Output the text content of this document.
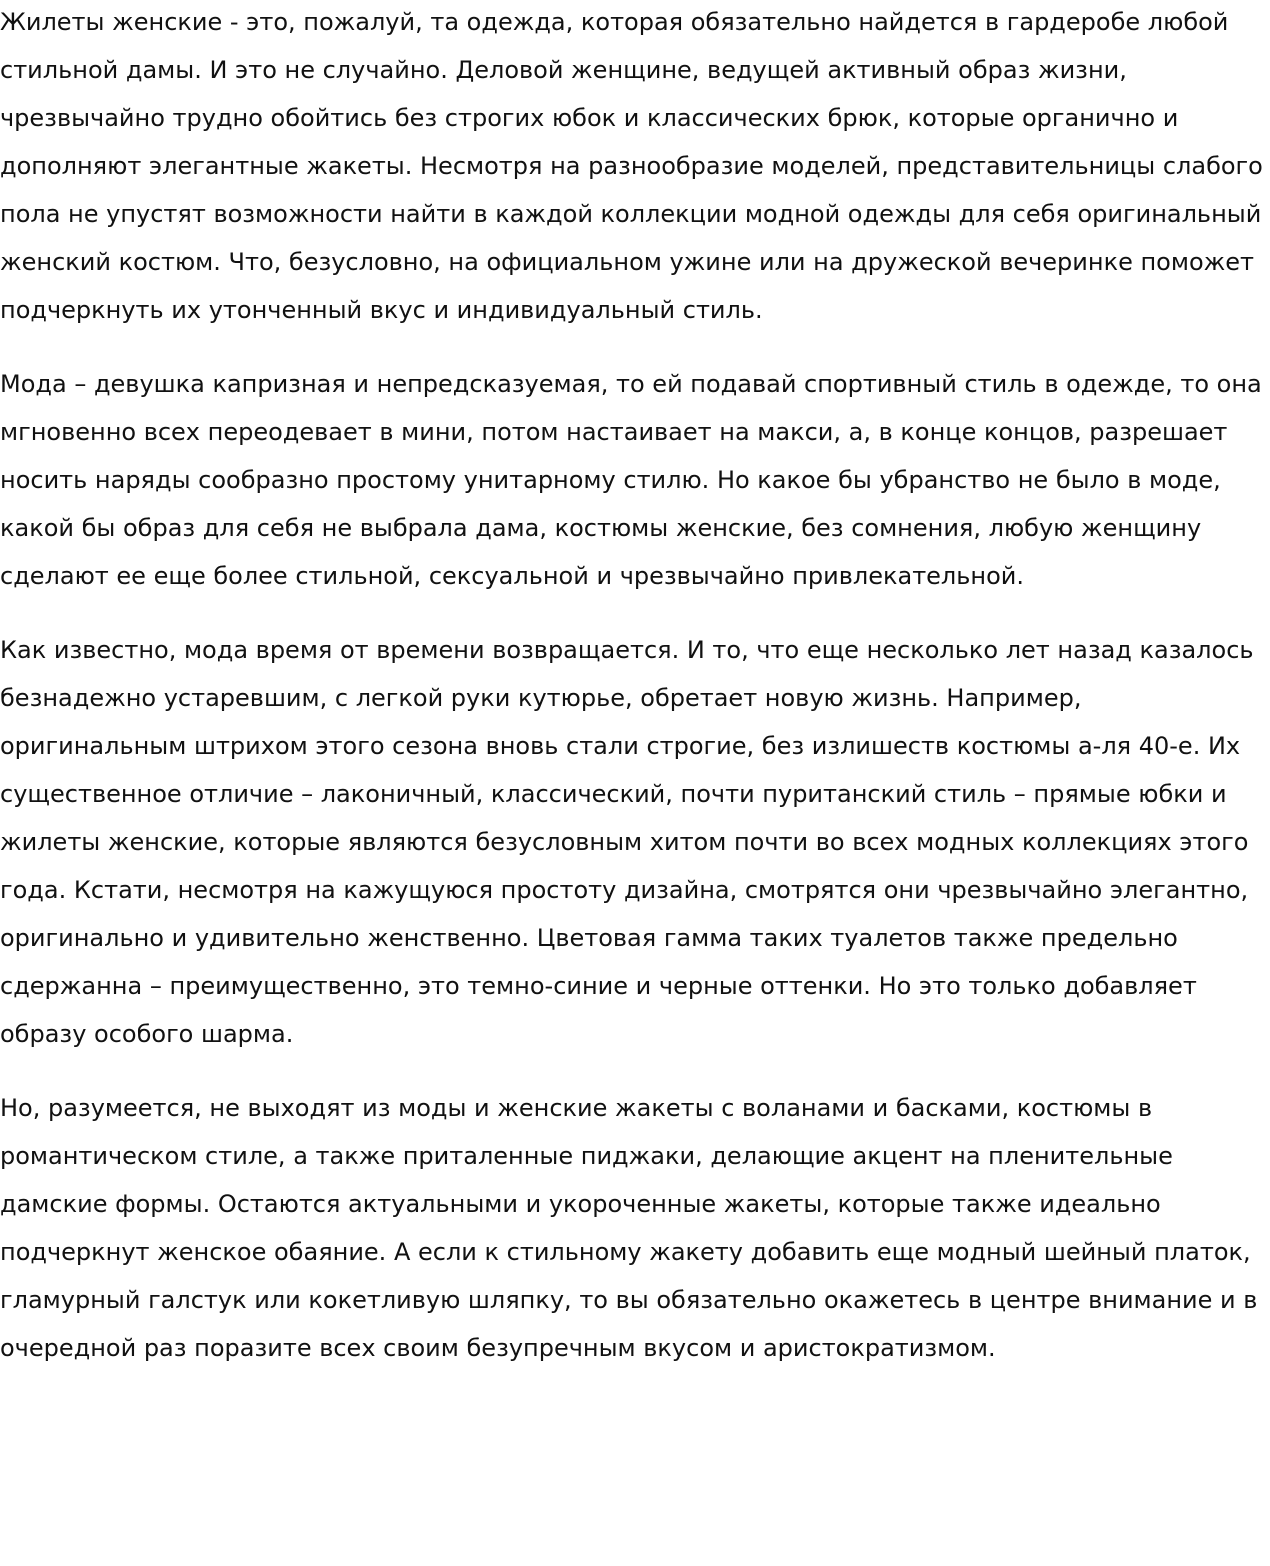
Жилеты женские - это, пожалуй, та одежда, которая обязательно найдется в гардеробе любой стильной дамы. И это не случайно. Деловой женщине, ведущей активный образ жизни, чрезвычайно трудно обойтись без строгих юбок и классических брюк, которые органично и дополняют элегантные жакеты. Несмотря на разнообразие моделей, представительницы слабого пола не упустят возможности найти в каждой коллекции модной одежды для себя оригинальный женский костюм. Что, безусловно, на официальном ужине или на дружеской вечеринке поможет подчеркнуть их утонченный вкус и индивидуальный стиль.

Мода – девушка капризная и непредсказуемая, то ей подавай спортивный стиль в одежде, то она мгновенно всех переодевает в мини, потом настаивает на макси, а, в конце концов, разрешает носить наряды сообразно простому унитарному стилю. Но какое бы убранство не было в моде, какой бы образ для себя не выбрала дама, костюмы женские, без сомнения, любую женщину сделают ее еще более стильной, сексуальной и чрезвычайно привлекательной.

Как известно, мода время от времени возвращается. И то, что еще несколько лет назад казалось безнадежно устаревшим, с легкой руки кутюрье, обретает новую жизнь. Например, оригинальным штрихом этого сезона вновь стали строгие, без излишеств костюмы а-ля 40-е. Их существенное отличие – лаконичный, классический, почти пуританский стиль – прямые юбки и жилеты женские, которые являются безусловным хитом почти во всех модных коллекциях этого года. Кстати, несмотря на кажущуюся простоту дизайна, смотрятся они чрезвычайно элегантно, оригинально и удивительно женственно. Цветовая гамма таких туалетов также предельно сдержанна – преимущественно, это темно-синие и черные оттенки. Но это только добавляет образу особого шарма.

Но, разумеется, не выходят из моды и женские жакеты с воланами и басками, костюмы в романтическом стиле, а также приталенные пиджаки, делающие акцент на пленительные дамские формы. Остаются актуальными и укороченные жакеты, которые также идеально подчеркнут женское обаяние. А если к стильному жакету добавить еще модный шейный платок, гламурный галстук или кокетливую шляпку, то вы обязательно окажетесь в центре внимание и в очередной раз поразите всех своим безупречным вкусом и аристократизмом.
